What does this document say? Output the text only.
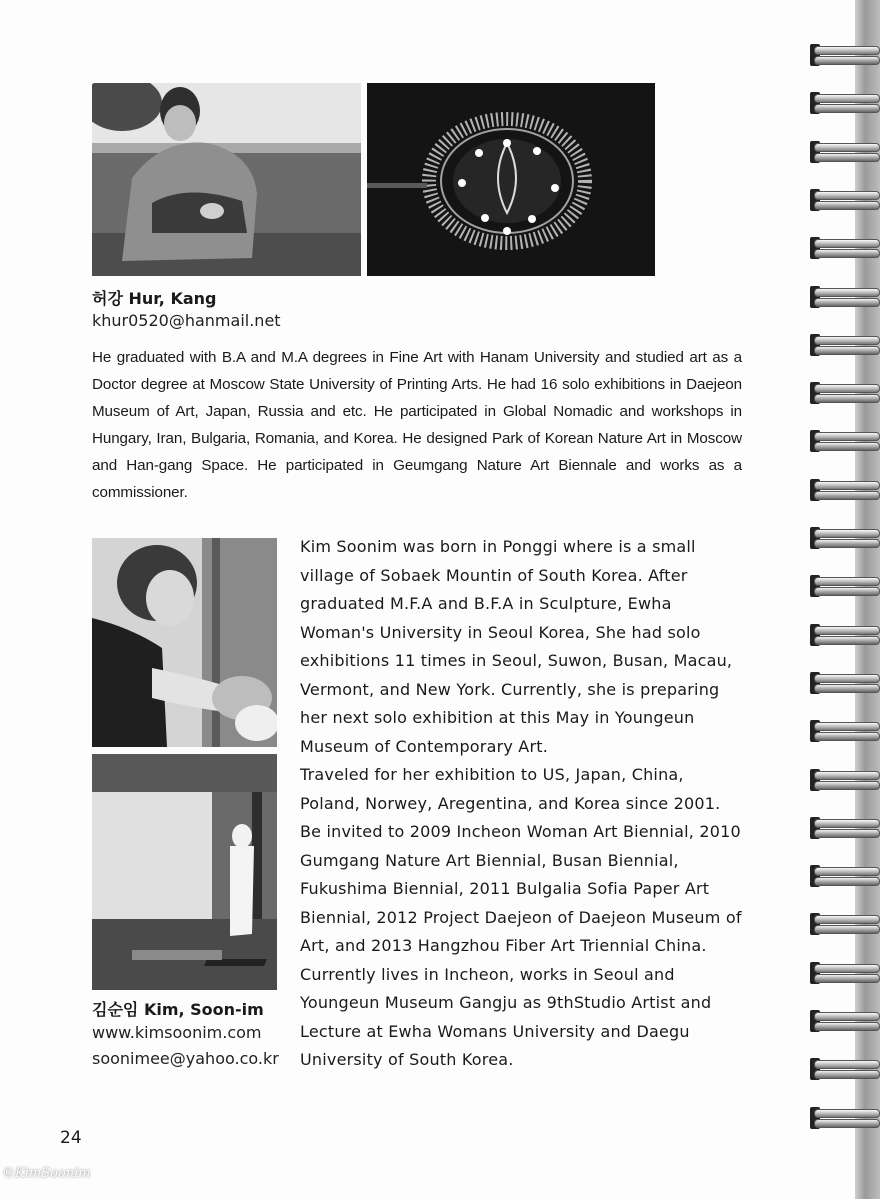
허강 Hur, Kang
khur0520@hanmail.net
He graduated with B.A and M.A degrees in Fine Art with Hanam University and studied art as a Doctor degree at Moscow State University of Printing Arts. He had 16 solo exhibitions in Daejeon Museum of Art, Japan, Russia and etc. He participated in Global Nomadic and workshops in Hungary, Iran, Bulgaria, Romania, and Korea. He designed Park of Korean Nature Art in Moscow and Han-gang Space. He participated in Geumgang Nature Art Biennale and works as a commissioner.
김순임 Kim, Soon-im
www.kimsoonim.com
soonimee@yahoo.co.kr

Kim Soonim was born in Ponggi where is a small village of Sobaek Mountin of South Korea. After graduated M.F.A and B.F.A in Sculpture, Ewha Woman's University in Seoul Korea, She had solo exhibitions 11 times in Seoul, Suwon, Busan, Macau, Vermont, and New York. Currently, she is preparing her next solo exhibition at this May in Youngeun Museum of Contemporary Art.

Traveled for her exhibition to US, Japan, China, Poland, Norwey, Aregentina, and Korea since 2001. Be invited to 2009 Incheon Woman Art Biennial, 2010 Gumgang Nature Art Biennial, Busan Biennial, Fukushima Biennial, 2011 Bulgalia Sofia Paper Art Biennial, 2012 Project Daejeon of Daejeon Museum of Art, and 2013 Hangzhou Fiber Art Triennial China.

Currently lives in Incheon, works in Seoul and Youngeun Museum Gangju as 9thStudio Artist and Lecture at Ewha Womans University and Daegu University of South Korea.

24
©KimSoonim
